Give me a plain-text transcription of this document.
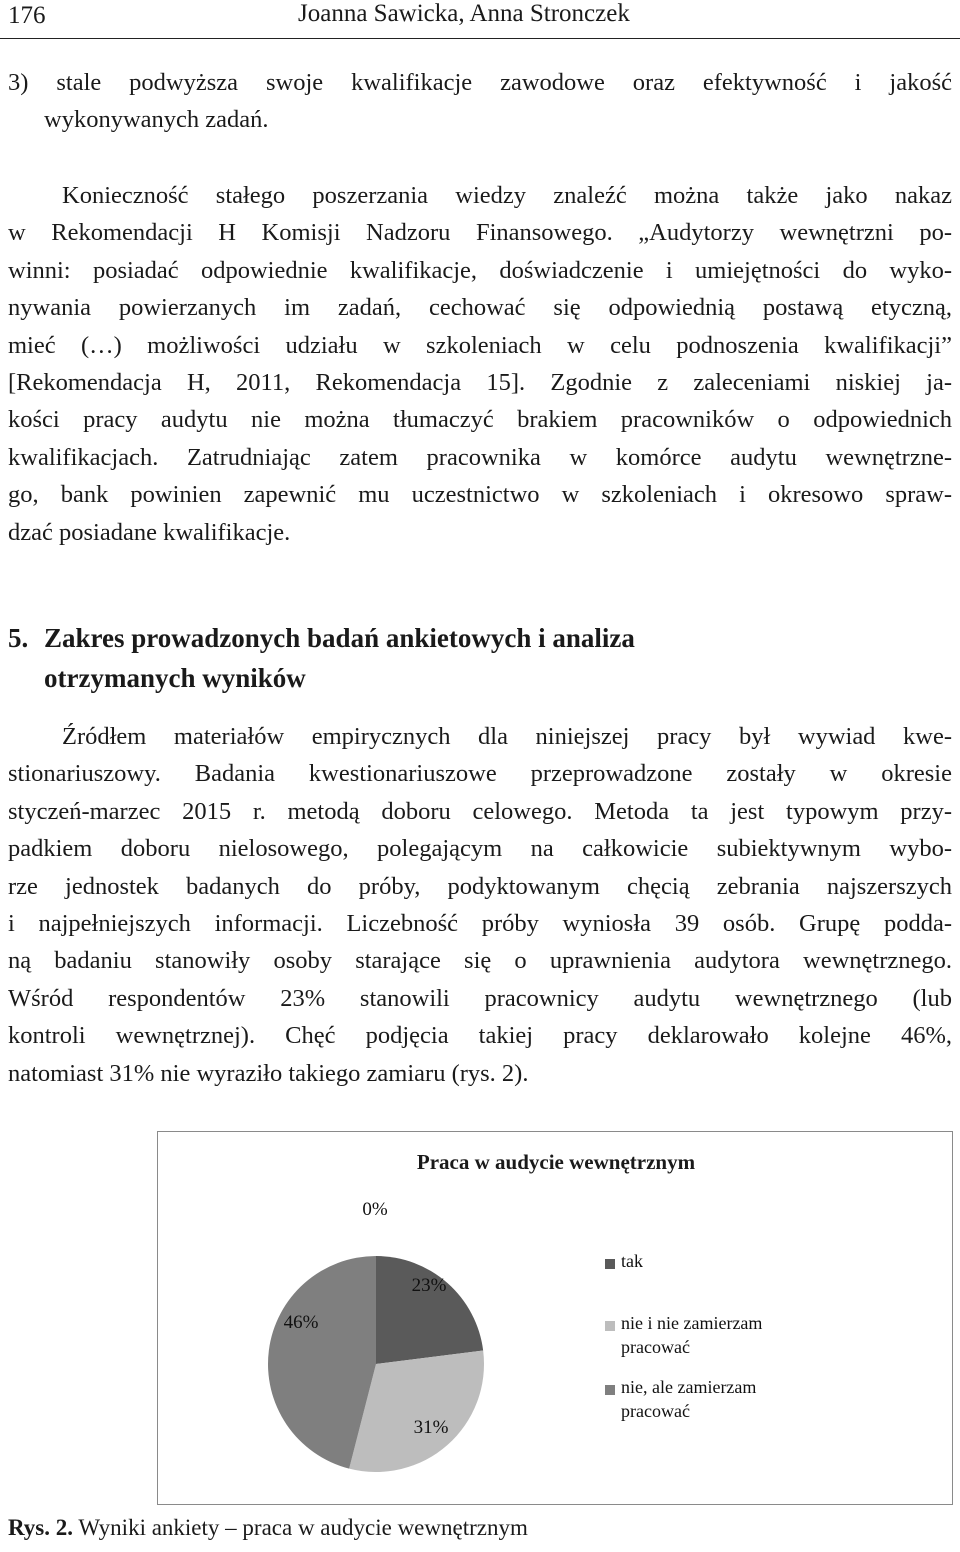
176	Joanna Sawicka, Anna Stronczek
3) stale podwyższa swoje kwalifikacje zawodowe oraz efektywność i jakość
wykonywanych zadań.
Konieczność stałego poszerzania wiedzy znaleźć można także jako nakaz
w Rekomendacji H Komisji Nadzoru Finansowego. „Audytorzy wewnętrzni po-
winni: posiadać odpowiednie kwalifikacje, doświadczenie i umiejętności do wyko-
nywania powierzanych im zadań, cechować się odpowiednią postawą etyczną,
mieć (…) możliwości udziału w szkoleniach w celu podnoszenia kwalifikacji”
[Rekomendacja H, 2011, Rekomendacja 15]. Zgodnie z zaleceniami niskiej ja-
kości pracy audytu nie można tłumaczyć brakiem pracowników o odpowiednich
kwalifikacjach. Zatrudniając zatem pracownika w komórce audytu wewnętrzne-
go, bank powinien zapewnić mu uczestnictwo w szkoleniach i okresowo spraw-
dzać posiadane kwalifikacje.
5. Zakres prowadzonych badań ankietowych i analiza
otrzymanych wyników
Źródłem materiałów empirycznych dla niniejszej pracy był wywiad kwe-
stionariuszowy. Badania kwestionariuszowe przeprowadzone zostały w okresie
styczeń-marzec 2015 r. metodą doboru celowego. Metoda ta jest typowym przy-
padkiem doboru nielosowego, polegającym na całkowicie subiektywnym wybo-
rze jednostek badanych do próby, podyktowanym chęcią zebrania najszerszych
i najpełniejszych informacji. Liczebność próby wyniosła 39 osób. Grupę podda-
ną badaniu stanowiły osoby starające się o uprawnienia audytora wewnętrznego.
Wśród respondentów 23% stanowili pracownicy audytu wewnętrznego (lub
kontroli wewnętrznej). Chęć podjęcia takiej pracy deklarowało kolejne 46%,
natomiast 31% nie wyraziło takiego zamiaru (rys. 2).
Praca w audycie wewnętrznym
23%
31%
46%
0%
tak
nie i nie zamierzam
pracować
nie, ale zamierzam
pracować
Rys. 2. Wyniki ankiety – praca w audycie wewnętrznym
